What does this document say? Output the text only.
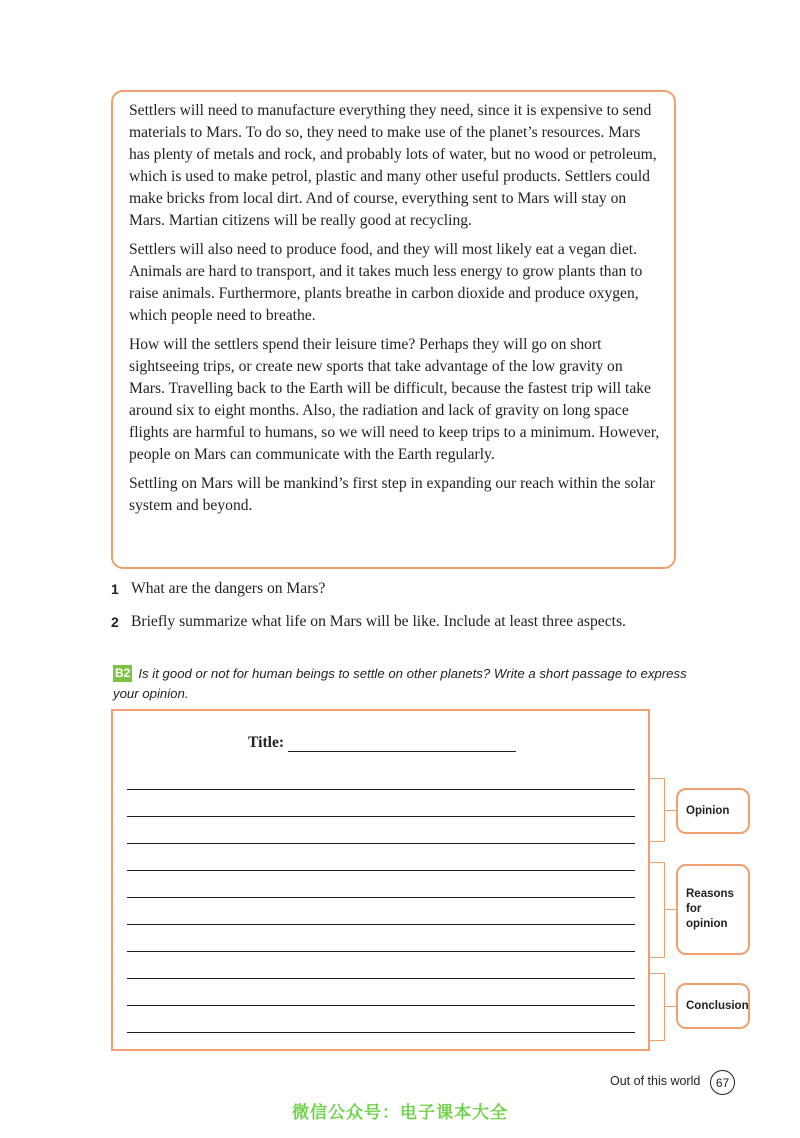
Settlers will need to manufacture everything they need, since it is expensive to send materials to Mars. To do so, they need to make use of the planet’s resources. Mars has plenty of metals and rock, and probably lots of water, but no wood or petroleum, which is used to make petrol, plastic and many other useful products. Settlers could make bricks from local dirt. And of course, everything sent to Mars will stay on Mars. Martian citizens will be really good at recycling.

Settlers will also need to produce food, and they will most likely eat a vegan diet. Animals are hard to transport, and it takes much less energy to grow plants than to raise animals. Furthermore, plants breathe in carbon dioxide and produce oxygen, which people need to breathe.

How will the settlers spend their leisure time? Perhaps they will go on short sightseeing trips, or create new sports that take advantage of the low gravity on Mars. Travelling back to the Earth will be difficult, because the fastest trip will take around six to eight months. Also, the radiation and lack of gravity on long space flights are harmful to humans, so we will need to keep trips to a minimum. However, people on Mars can communicate with the Earth regularly.

Settling on Mars will be mankind’s first step in expanding our reach within the solar system and beyond.

1 What are the dangers on Mars?
2 Briefly summarize what life on Mars will be like. Include at least three aspects.
B2 Is it good or not for human beings to settle on other planets? Write a short passage to express your opinion.
Title:
Opinion
Reasons for opinion
Conclusion
Out of this world	67
微信公众号：电子课本大全
